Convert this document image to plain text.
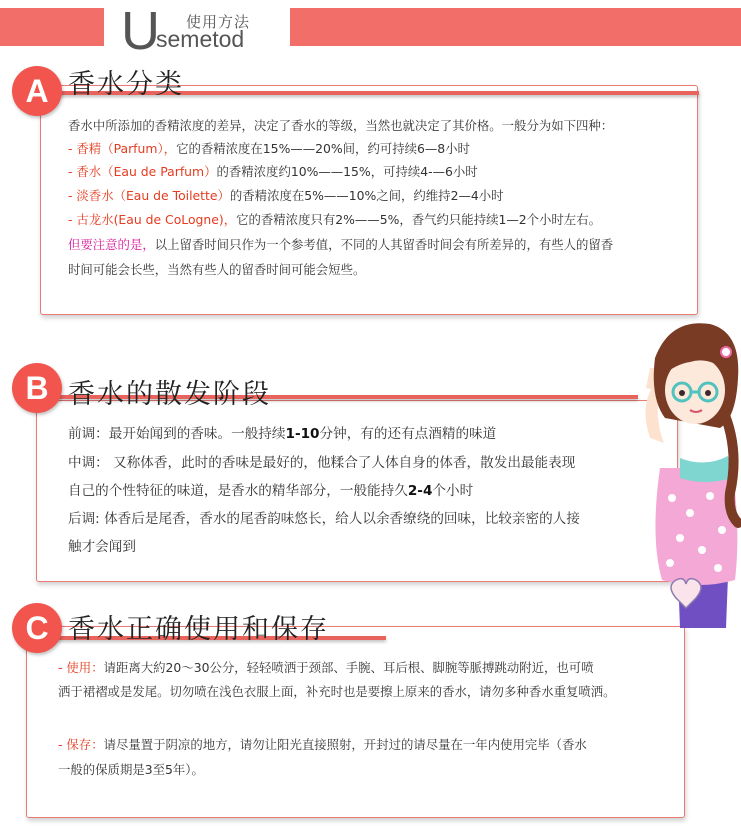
U 使用方法
semetod
A 香水分类
香水中所添加的香精浓度的差异，决定了香水的等级，当然也就决定了其价格。一般分为如下四种：
- 香精（Parfum），它的香精浓度在15%——20%间，约可持续6—8小时
- 香水（Eau de Parfum）的香精浓度约10%——15%，可持续4-—6小时
- 淡香水（Eau de Toilette）的香精浓度在5%——10%之间，约维持2—4小时
- 古龙水(Eau de CoLogne)，它的香精浓度只有2%——5%，香气约只能持续1—2个小时左右。
但要注意的是，以上留香时间只作为一个参考值，不同的人其留香时间会有所差异的，有些人的留香
时间可能会长些，当然有些人的留香时间可能会短些。
B 香水的散发阶段
前调：最开始闻到的香味。一般持续1-10分钟，有的还有点酒精的味道
中调： 又称体香，此时的香味是最好的，他糅合了人体自身的体香，散发出最能表现
自己的个性特征的味道，是香水的精华部分，一般能持久2-4个小时
后调: 体香后是尾香，香水的尾香韵味悠长，给人以余香缭绕的回味，比较亲密的人接
触才会闻到
C 香水正确使用和保存
- 使用：请距离大約20～30公分，轻轻喷洒于颈部、手腕、耳后根、脚腕等脈搏跳动附近，也可喷
洒于裙褶或是发尾。切勿喷在浅色衣服上面，补充时也是要擦上原来的香水，请勿多种香水重复喷洒。
- 保存：请尽量置于阴凉的地方，请勿让阳光直接照射，开封过的请尽量在一年内使用完毕（香水
一般的保质期是3至5年）。
